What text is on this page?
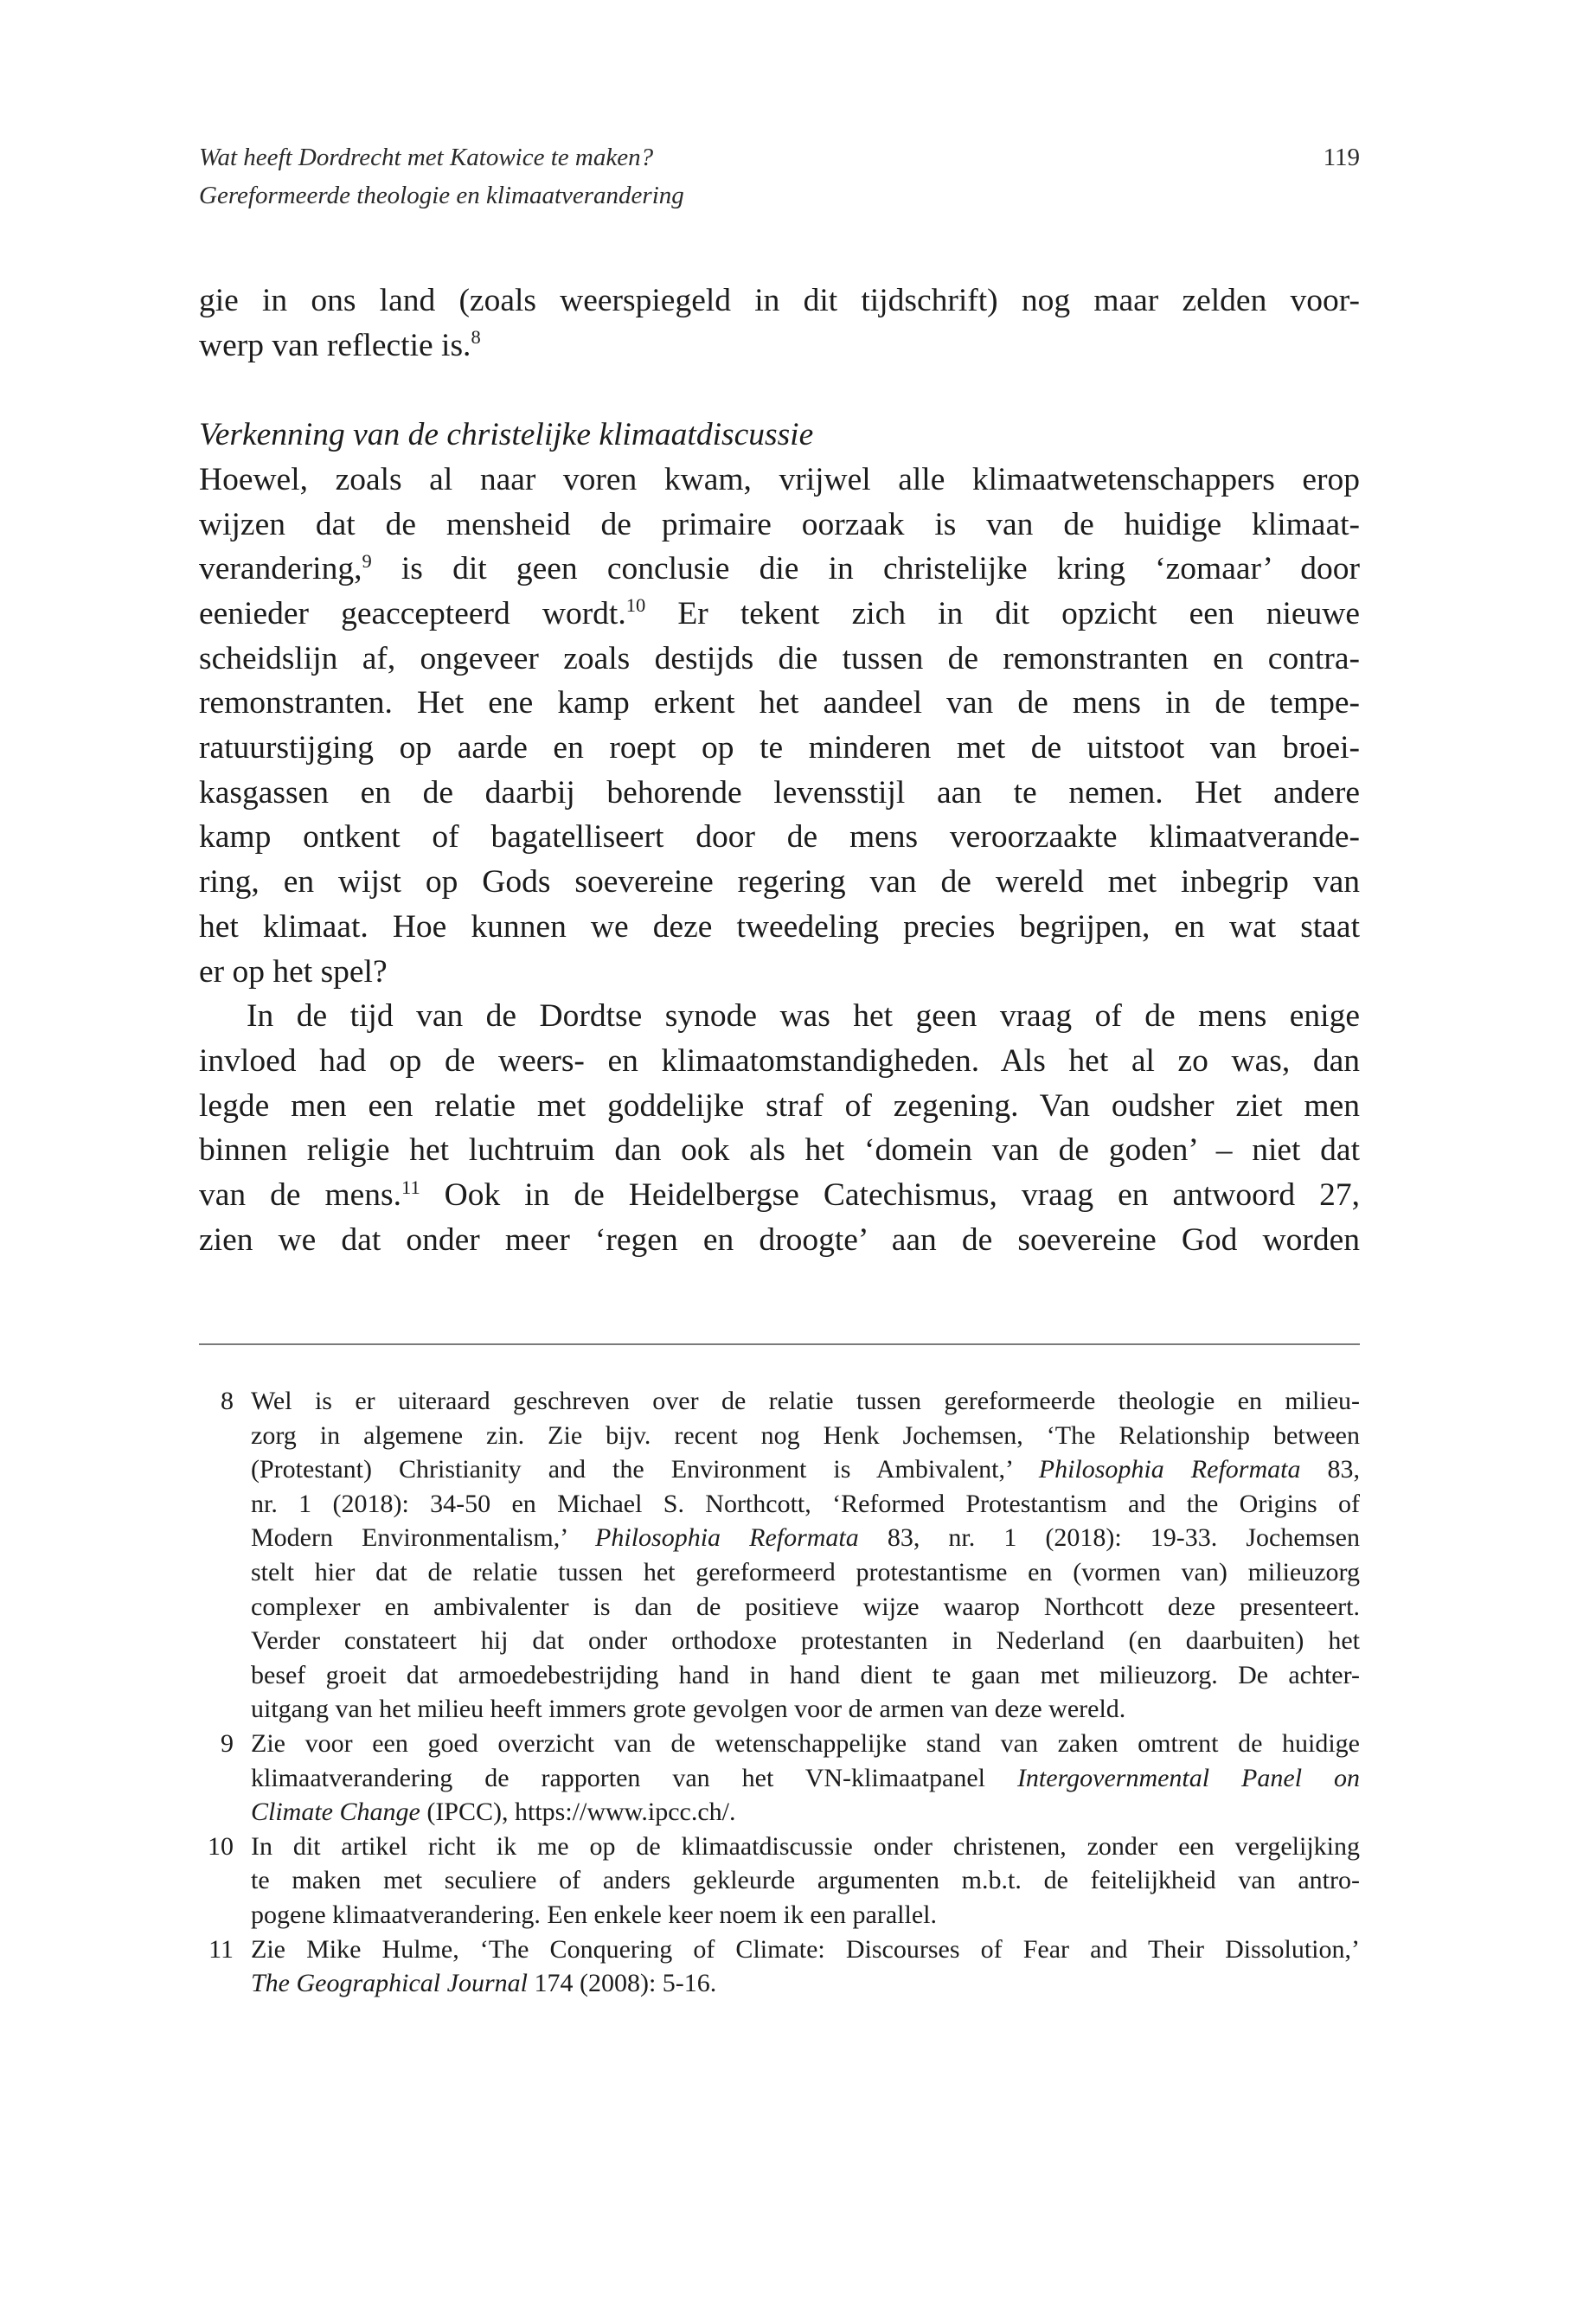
Wat heeft Dordrecht met Katowice te maken?
Gereformeerde theologie en klimaatverandering
119

gie in ons land (zoals weerspiegeld in dit tijdschrift) nog maar zelden voor-
werp van reflectie is.$^8$

Verkenning van de christelijke klimaatdiscussie

Hoewel, zoals al naar voren kwam, vrijwel alle klimaatwetenschappers erop
wijzen dat de mensheid de primaire oorzaak is van de huidige klimaat-
verandering,$^9$ is dit geen conclusie die in christelijke kring ‘zomaar’ door
eenieder geaccepteerd wordt.$^{10}$ Er tekent zich in dit opzicht een nieuwe
scheidslijn af, ongeveer zoals destijds die tussen de remonstranten en contra-
remonstranten. Het ene kamp erkent het aandeel van de mens in de tempe-
ratuurstijging op aarde en roept op te minderen met de uitstoot van broei-
kasgassen en de daarbij behorende levensstijl aan te nemen. Het andere
kamp ontkent of bagatelliseert door de mens veroorzaakte klimaatverande-
ring, en wijst op Gods soevereine regering van de wereld met inbegrip van
het klimaat. Hoe kunnen we deze tweedeling precies begrijpen, en wat staat
er op het spel?

In de tijd van de Dordtse synode was het geen vraag of de mens enige
invloed had op de weers- en klimaatomstandigheden. Als het al zo was, dan
legde men een relatie met goddelijke straf of zegening. Van oudsher ziet men
binnen religie het luchtruim dan ook als het ‘domein van de goden’ – niet dat
van de mens.$^{11}$ Ook in de Heidelbergse Catechismus, vraag en antwoord 27,
zien we dat onder meer ‘regen en droogte’ aan de soevereine God worden

8 Wel is er uiteraard geschreven over de relatie tussen gereformeerde theologie en milieu-
zorg in algemene zin. Zie bijv. recent nog Henk Jochemsen, ‘The Relationship between
(Protestant) Christianity and the Environment is Ambivalent,’ Philosophia Reformata 83,
nr. 1 (2018): 34-50 en Michael S. Northcott, ‘Reformed Protestantism and the Origins of
Modern Environmentalism,’ Philosophia Reformata 83, nr. 1 (2018): 19-33. Jochemsen
stelt hier dat de relatie tussen het gereformeerd protestantisme en (vormen van) milieuzorg
complexer en ambivalenter is dan de positieve wijze waarop Northcott deze presenteert.
Verder constateert hij dat onder orthodoxe protestanten in Nederland (en daarbuiten) het
besef groeit dat armoedebestrijding hand in hand dient te gaan met milieuzorg. De achter-
uitgang van het milieu heeft immers grote gevolgen voor de armen van deze wereld.
9 Zie voor een goed overzicht van de wetenschappelijke stand van zaken omtrent de huidige
klimaatverandering de rapporten van het VN-klimaatpanel Intergovernmental Panel on
Climate Change (IPCC), https://www.ipcc.ch/.
10 In dit artikel richt ik me op de klimaatdiscussie onder christenen, zonder een vergelijking
te maken met seculiere of anders gekleurde argumenten m.b.t. de feitelijkheid van antro-
pogene klimaatverandering. Een enkele keer noem ik een parallel.
11 Zie Mike Hulme, ‘The Conquering of Climate: Discourses of Fear and Their Dissolution,’
The Geographical Journal 174 (2008): 5-16.
